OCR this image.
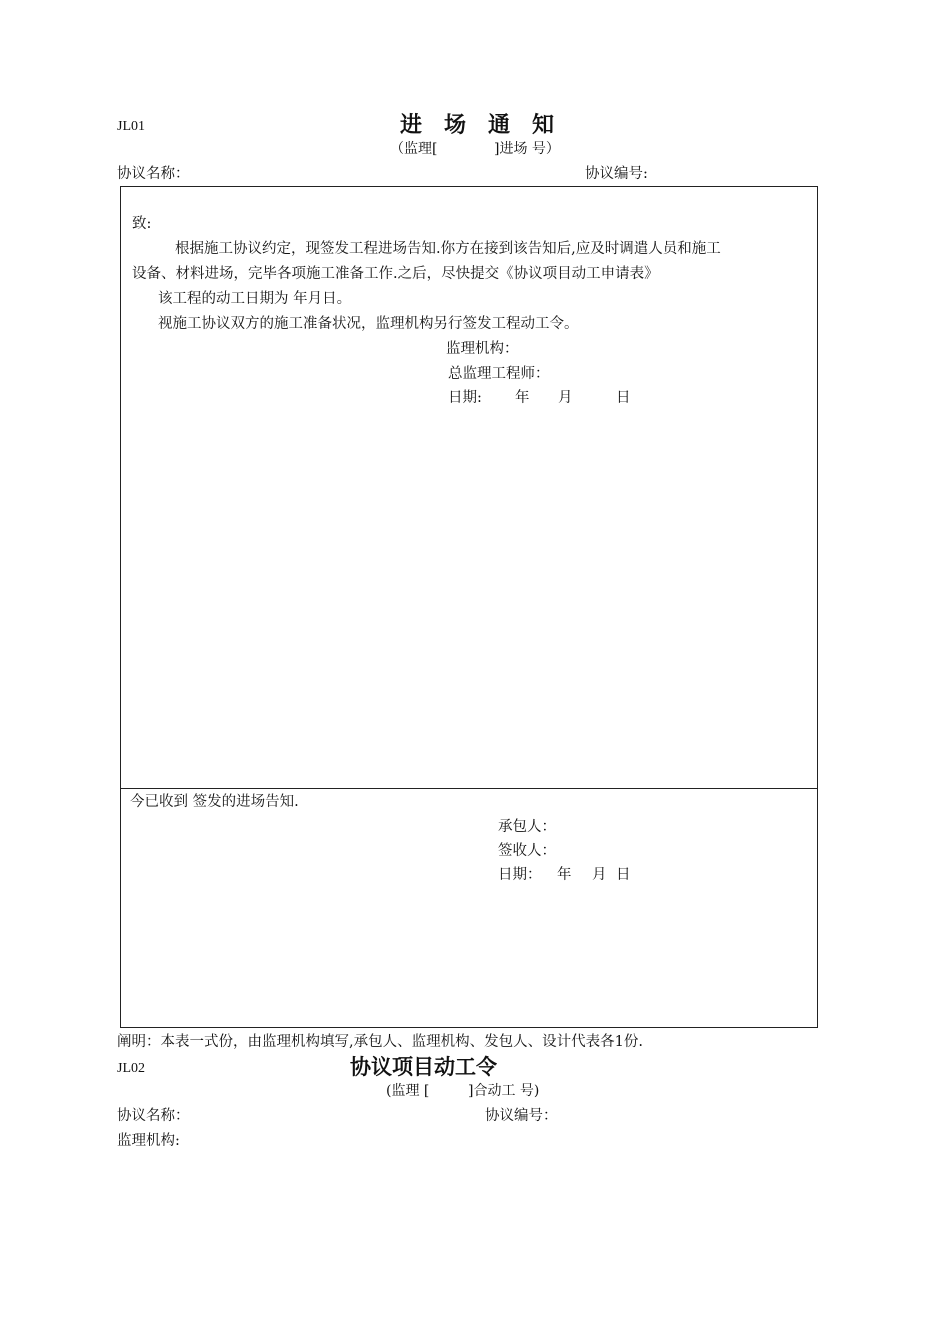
JL01	进 场 通 知
（监理[	]进场 号）
协议名称：	协议编号:
致:
根据施工协议约定，现签发工程进场告知.你方在接到该告知后,应及时调遣人员和施工
设备、材料进场，完毕各项施工准备工作.之后，尽快提交《协议项目动工申请表》
该工程的动工日期为 年月日。
视施工协议双方的施工准备状况，监理机构另行签发工程动工令。
监理机构：
总监理工程师：
日期: 年 月	日
今已收到 签发的进场告知.
承包人：
签收人：
日期： 年 月 日
阐明：本表一式份，由监理机构填写,承包人、监理机构、发包人、设计代表各1份.
JL02	协议项目动工令
(监理 [	]合动工 号)
协议名称：	协议编号：
监理机构:
